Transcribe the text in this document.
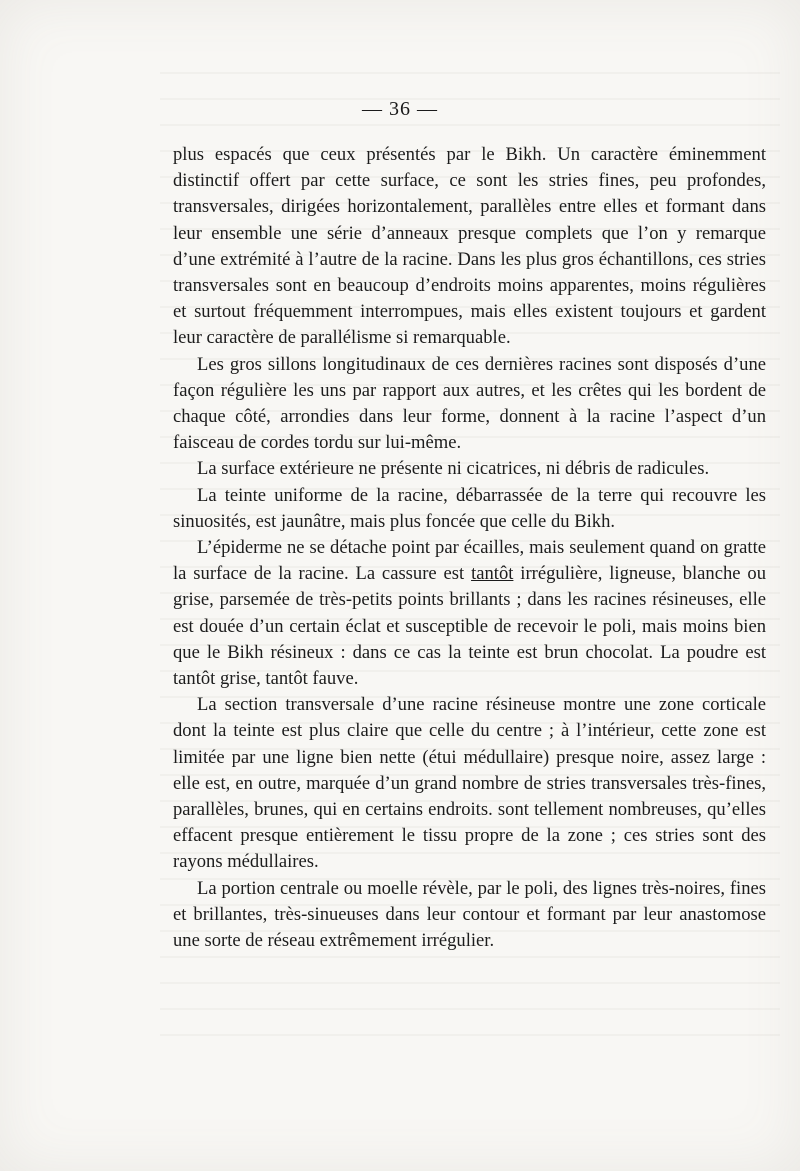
— 36 —

plus espacés que ceux présentés par le Bikh. Un caractère éminemment distinctif offert par cette surface, ce sont les stries fines, peu profondes, transversales, dirigées horizontalement, parallèles entre elles et formant dans leur ensemble une série d’anneaux presque complets que l’on y remarque d’une extrémité à l’autre de la racine. Dans les plus gros échantillons, ces stries transversales sont en beaucoup d’endroits moins apparentes, moins régulières et surtout fréquemment interrompues, mais elles existent toujours et gardent leur caractère de parallélisme si remarquable.

Les gros sillons longitudinaux de ces dernières racines sont disposés d’une façon régulière les uns par rapport aux autres, et les crêtes qui les bordent de chaque côté, arrondies dans leur forme, donnent à la racine l’aspect d’un faisceau de cordes tordu sur lui-même.

La surface extérieure ne présente ni cicatrices, ni débris de radicules.

La teinte uniforme de la racine, débarrassée de la terre qui recouvre les sinuosités, est jaunâtre, mais plus foncée que celle du Bikh.

L’épiderme ne se détache point par écailles, mais seulement quand on gratte la surface de la racine. La cassure est tantôt irrégulière, ligneuse, blanche ou grise, parsemée de très-petits points brillants ; dans les racines résineuses, elle est douée d’un certain éclat et susceptible de recevoir le poli, mais moins bien que le Bikh résineux : dans ce cas la teinte est brun chocolat. La poudre est tantôt grise, tantôt fauve.

La section transversale d’une racine résineuse montre une zone corticale dont la teinte est plus claire que celle du centre ; à l’intérieur, cette zone est limitée par une ligne bien nette (étui médullaire) presque noire, assez large : elle est, en outre, marquée d’un grand nombre de stries transversales très-fines, parallèles, brunes, qui en certains endroits. sont tellement nombreuses, qu’elles effacent presque entièrement le tissu propre de la zone ; ces stries sont des rayons médullaires.

La portion centrale ou moelle révèle, par le poli, des lignes très-noires, fines et brillantes, très-sinueuses dans leur contour et formant par leur anastomose une sorte de réseau extrêmement irrégulier.
